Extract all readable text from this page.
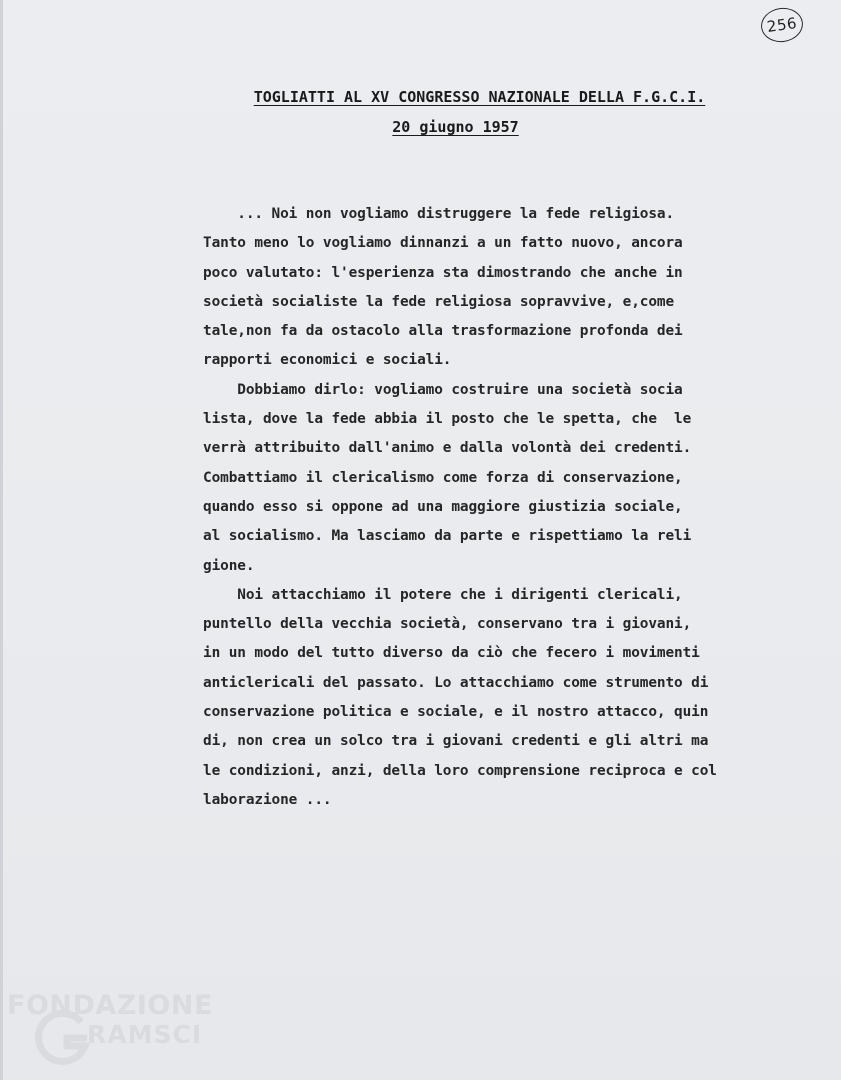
256
TOGLIATTI AL XV CONGRESSO NAZIONALE DELLA F.G.C.I.
20 giugno 1957
... Noi non vogliamo distruggere la fede religiosa.
Tanto meno lo vogliamo dinnanzi a un fatto nuovo, ancora
poco valutato: l'esperienza sta dimostrando che anche in
società socialiste la fede religiosa sopravvive, e,come
tale,non fa da ostacolo alla trasformazione profonda dei
rapporti economici e sociali.
Dobbiamo dirlo: vogliamo costruire una società socia
lista, dove la fede abbia il posto che le spetta, che  le
verrà attribuito dall'animo e dalla volontà dei credenti.
Combattiamo il clericalismo come forza di conservazione,
quando esso si oppone ad una maggiore giustizia sociale,
al socialismo. Ma lasciamo da parte e rispettiamo la reli
gione.
Noi attacchiamo il potere che i dirigenti clericali,
puntello della vecchia società, conservano tra i giovani,
in un modo del tutto diverso da ciò che fecero i movimenti
anticlericali del passato. Lo attacchiamo come strumento di
conservazione politica e sociale, e il nostro attacco, quin
di, non crea un solco tra i giovani credenti e gli altri ma
le condizioni, anzi, della loro comprensione reciproca e col
laborazione ...
FONDAZIONE
RAMSCI
